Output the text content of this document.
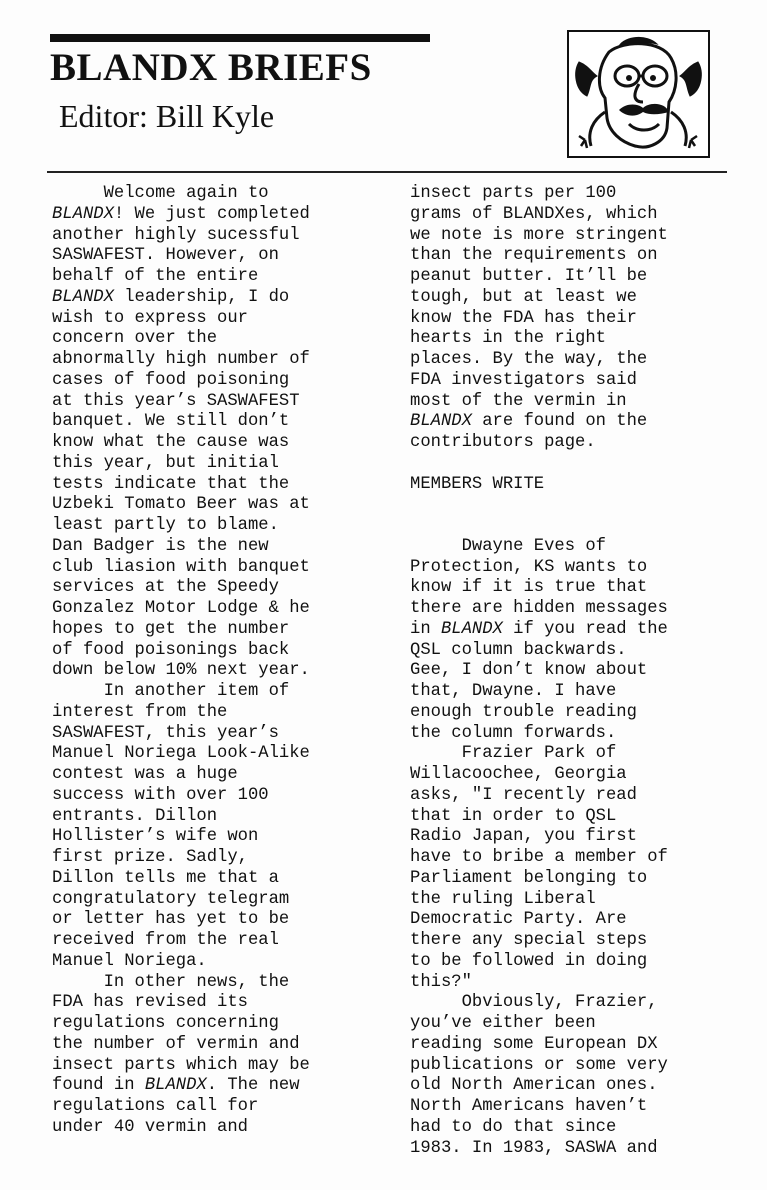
BLANDX BRIEFS
Editor: Bill Kyle
Welcome again to
BLANDX! We just completed
another highly sucessful
SASWAFEST. However, on
behalf of the entire
BLANDX leadership, I do
wish to express our
concern over the
abnormally high number of
cases of food poisoning
at this year’s SASWAFEST
banquet. We still don’t
know what the cause was
this year, but initial
tests indicate that the
Uzbeki Tomato Beer was at
least partly to blame.
Dan Badger is the new
club liasion with banquet
services at the Speedy
Gonzalez Motor Lodge & he
hopes to get the number
of food poisonings back
down below 10% next year.
In another item of
interest from the
SASWAFEST, this year’s
Manuel Noriega Look-Alike
contest was a huge
success with over 100
entrants. Dillon
Hollister’s wife won
first prize. Sadly,
Dillon tells me that a
congratulatory telegram
or letter has yet to be
received from the real
Manuel Noriega.
In other news, the
FDA has revised its
regulations concerning
the number of vermin and
insect parts which may be
found in BLANDX. The new
regulations call for
under 40 vermin and
insect parts per 100
grams of BLANDXes, which
we note is more stringent
than the requirements on
peanut butter. It’ll be
tough, but at least we
know the FDA has their
hearts in the right
places. By the way, the
FDA investigators said
most of the vermin in
BLANDX are found on the
contributors page.
MEMBERS WRITE
Dwayne Eves of
Protection, KS wants to
know if it is true that
there are hidden messages
in BLANDX if you read the
QSL column backwards.
Gee, I don’t know about
that, Dwayne. I have
enough trouble reading
the column forwards.
Frazier Park of
Willacoochee, Georgia
asks, "I recently read
that in order to QSL
Radio Japan, you first
have to bribe a member of
Parliament belonging to
the ruling Liberal
Democratic Party. Are
there any special steps
to be followed in doing
this?"
Obviously, Frazier,
you’ve either been
reading some European DX
publications or some very
old North American ones.
North Americans haven’t
had to do that since
1983. In 1983, SASWA and
